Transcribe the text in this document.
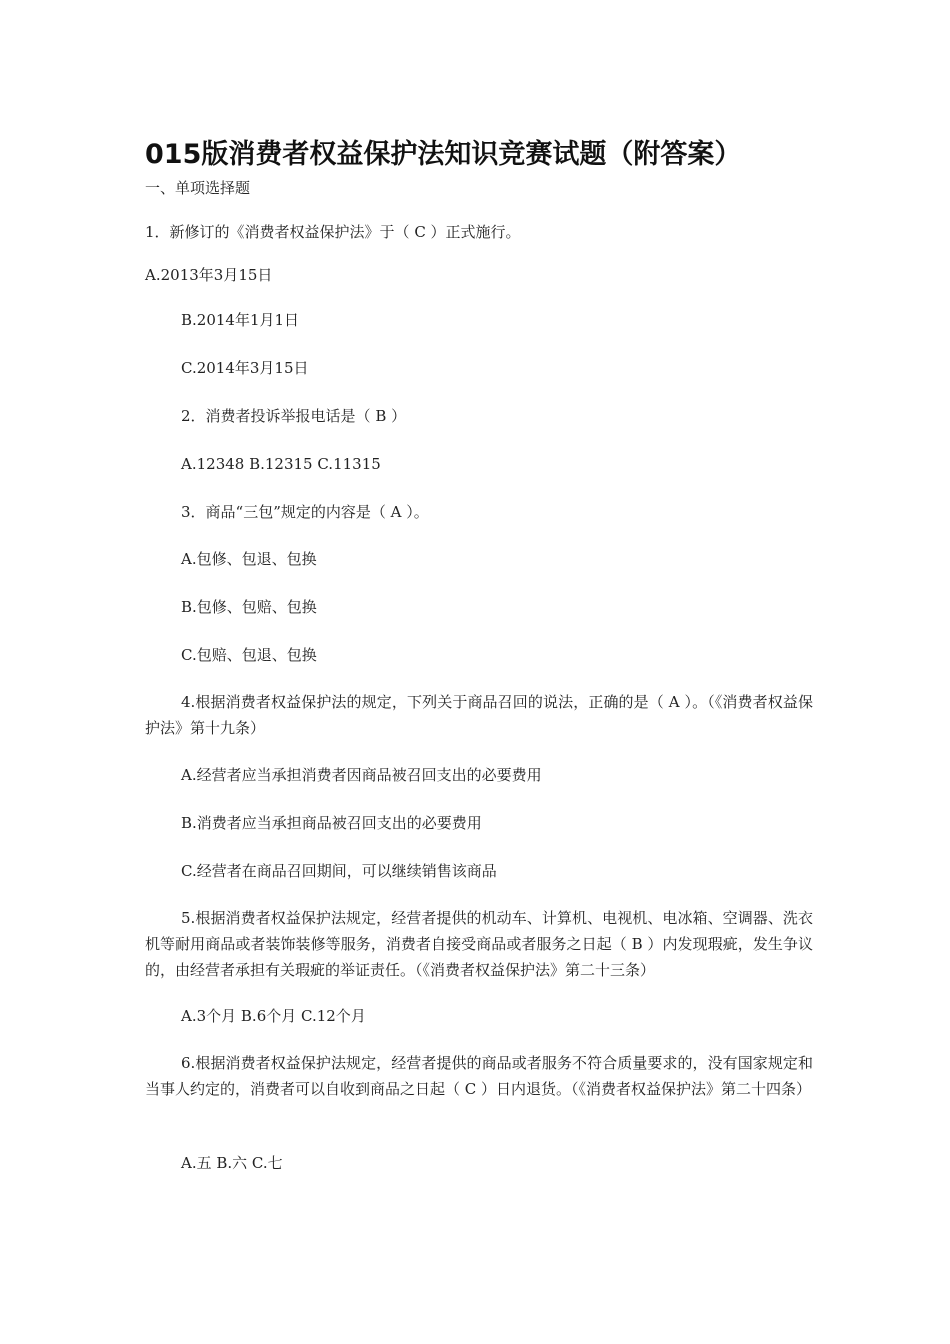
015版消费者权益保护法知识竞赛试题（附答案）
一、单项选择题
1．新修订的《消费者权益保护法》于（ C ）正式施行。
A.2013年3月15日
B.2014年1月1日
C.2014年3月15日
2．消费者投诉举报电话是（ B ）
A.12348 B.12315 C.11315
3．商品“三包”规定的内容是（ A ）。
A.包修、包退、包换
B.包修、包赔、包换
C.包赔、包退、包换
4.根据消费者权益保护法的规定，下列关于商品召回的说法，正确的是（ A ）。（《消费者权益保护法》第十九条）
A.经营者应当承担消费者因商品被召回支出的必要费用
B.消费者应当承担商品被召回支出的必要费用
C.经营者在商品召回期间，可以继续销售该商品
5.根据消费者权益保护法规定，经营者提供的机动车、计算机、电视机、电冰箱、空调器、洗衣机等耐用商品或者装饰装修等服务，消费者自接受商品或者服务之日起（ B ）内发现瑕疵，发生争议的，由经营者承担有关瑕疵的举证责任。（《消费者权益保护法》第二十三条）
A.3个月 B.6个月 C.12个月
6.根据消费者权益保护法规定，经营者提供的商品或者服务不符合质量要求的，没有国家规定和当事人约定的，消费者可以自收到商品之日起（ C ）日内退货。（《消费者权益保护法》第二十四条）
A.五 B.六 C.七
